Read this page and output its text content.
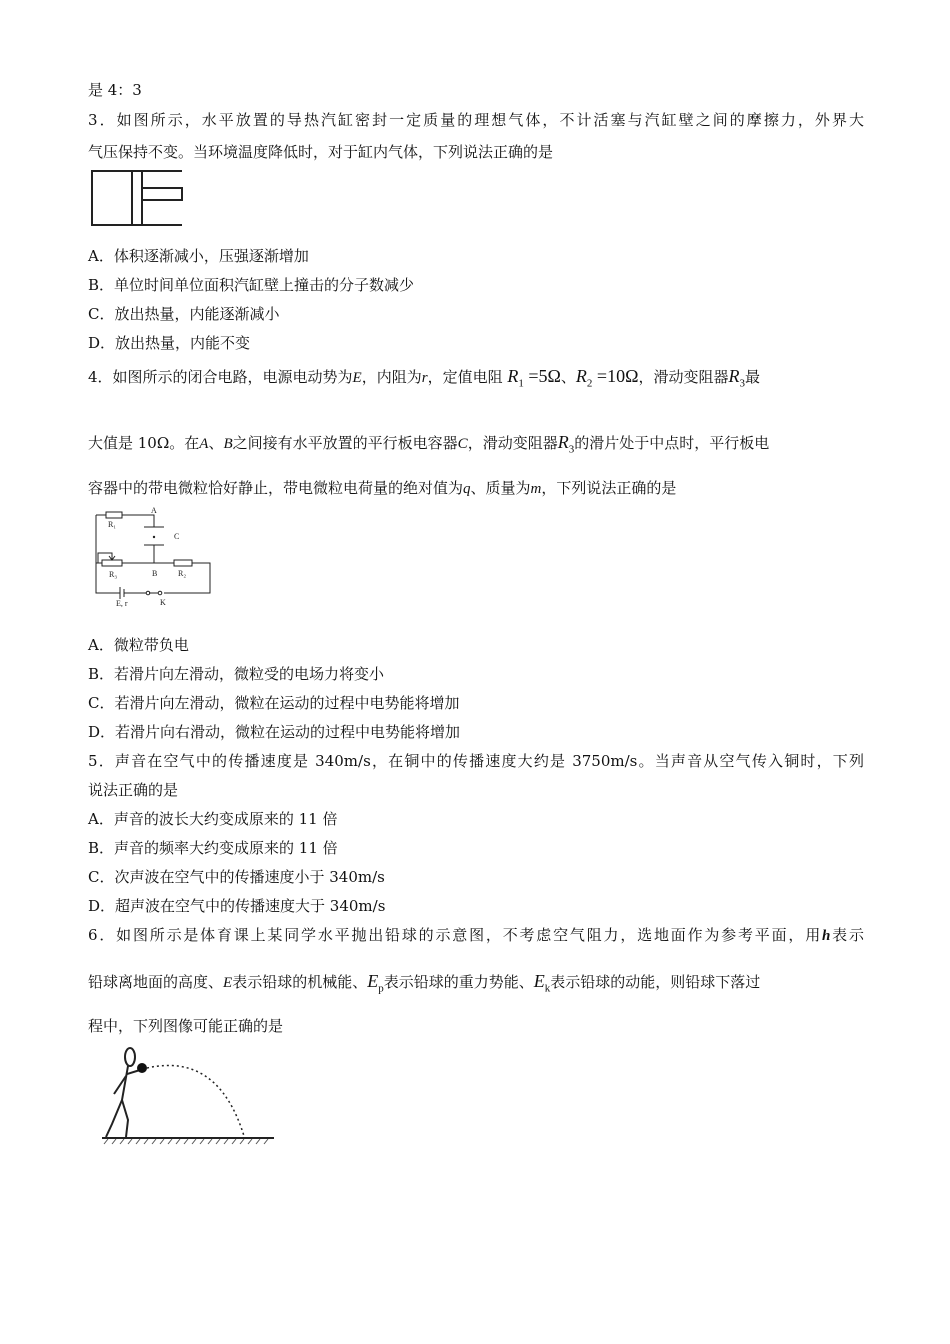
是 4：3
3．如图所示，水平放置的导热汽缸密封一定质量的理想气体，不计活塞与汽缸壁之间的摩擦力，外界大
气压保持不变。当环境温度降低时，对于缸内气体，下列说法正确的是
A．体积逐渐减小，压强逐渐增加
B．单位时间单位面积汽缸壁上撞击的分子数减少
C．放出热量，内能逐渐减小
D．放出热量，内能不变
4．如图所示的闭合电路，电源电动势为E，内阻为r，定值电阻 $R_1 =5\Omega$、$R_2 =10\Omega$，滑动变阻器$R_3$最
大值是 10Ω。在A、B之间接有水平放置的平行板电容器C，滑动变阻器$R_3$的滑片处于中点时，平行板电
容器中的带电微粒恰好静止，带电微粒电荷量的绝对值为q、质量为m，下列说法正确的是
A
C
B
R₁
R₂
R₃
E, r	K
A．微粒带负电
B．若滑片向左滑动，微粒受的电场力将变小
C．若滑片向左滑动，微粒在运动的过程中电势能将增加
D．若滑片向右滑动，微粒在运动的过程中电势能将增加
5．声音在空气中的传播速度是 340m/s，在铜中的传播速度大约是 3750m/s。当声音从空气传入铜时，下列
说法正确的是
A．声音的波长大约变成原来的 11 倍
B．声音的频率大约变成原来的 11 倍
C．次声波在空气中的传播速度小于 340m/s
D．超声波在空气中的传播速度大于 340m/s
6．如图所示是体育课上某同学水平抛出铅球的示意图，不考虑空气阻力，选地面作为参考平面，用h表示
铅球离地面的高度、E表示铅球的机械能、$E_p$表示铅球的重力势能、$E_k$表示铅球的动能，则铅球下落过
程中，下列图像可能正确的是
